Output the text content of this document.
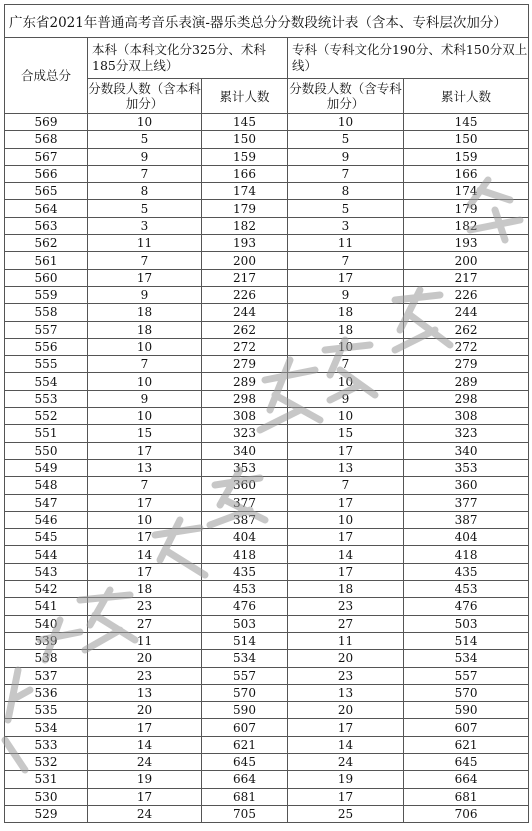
广东省2021年普通高考音乐表演-器乐类总分分数段统计表（含本、专科层次加分）				
合成总分	本科（本科文化分325分、术科185分双上线）		专科（专科文化分190分、术科150分双上线）	
	分数段人数（含本科加分）	累计人数	分数段人数（含专科加分）	累计人数
569	10	145	10	145
568	5	150	5	150
567	9	159	9	159
566	7	166	7	166
565	8	174	8	174
564	5	179	5	179
563	3	182	3	182
562	11	193	11	193
561	7	200	7	200
560	17	217	17	217
559	9	226	9	226
558	18	244	18	244
557	18	262	18	262
556	10	272	10	272
555	7	279	7	279
554	10	289	10	289
553	9	298	9	298
552	10	308	10	308
551	15	323	15	323
550	17	340	17	340
549	13	353	13	353
548	7	360	7	360
547	17	377	17	377
546	10	387	10	387
545	17	404	17	404
544	14	418	14	418
543	17	435	17	435
542	18	453	18	453
541	23	476	23	476
540	27	503	27	503
539	11	514	11	514
538	20	534	20	534
537	23	557	23	557
536	13	570	13	570
535	20	590	20	590
534	17	607	17	607
533	14	621	14	621
532	24	645	24	645
531	19	664	19	664
530	17	681	17	681
529	24	705	25	706
